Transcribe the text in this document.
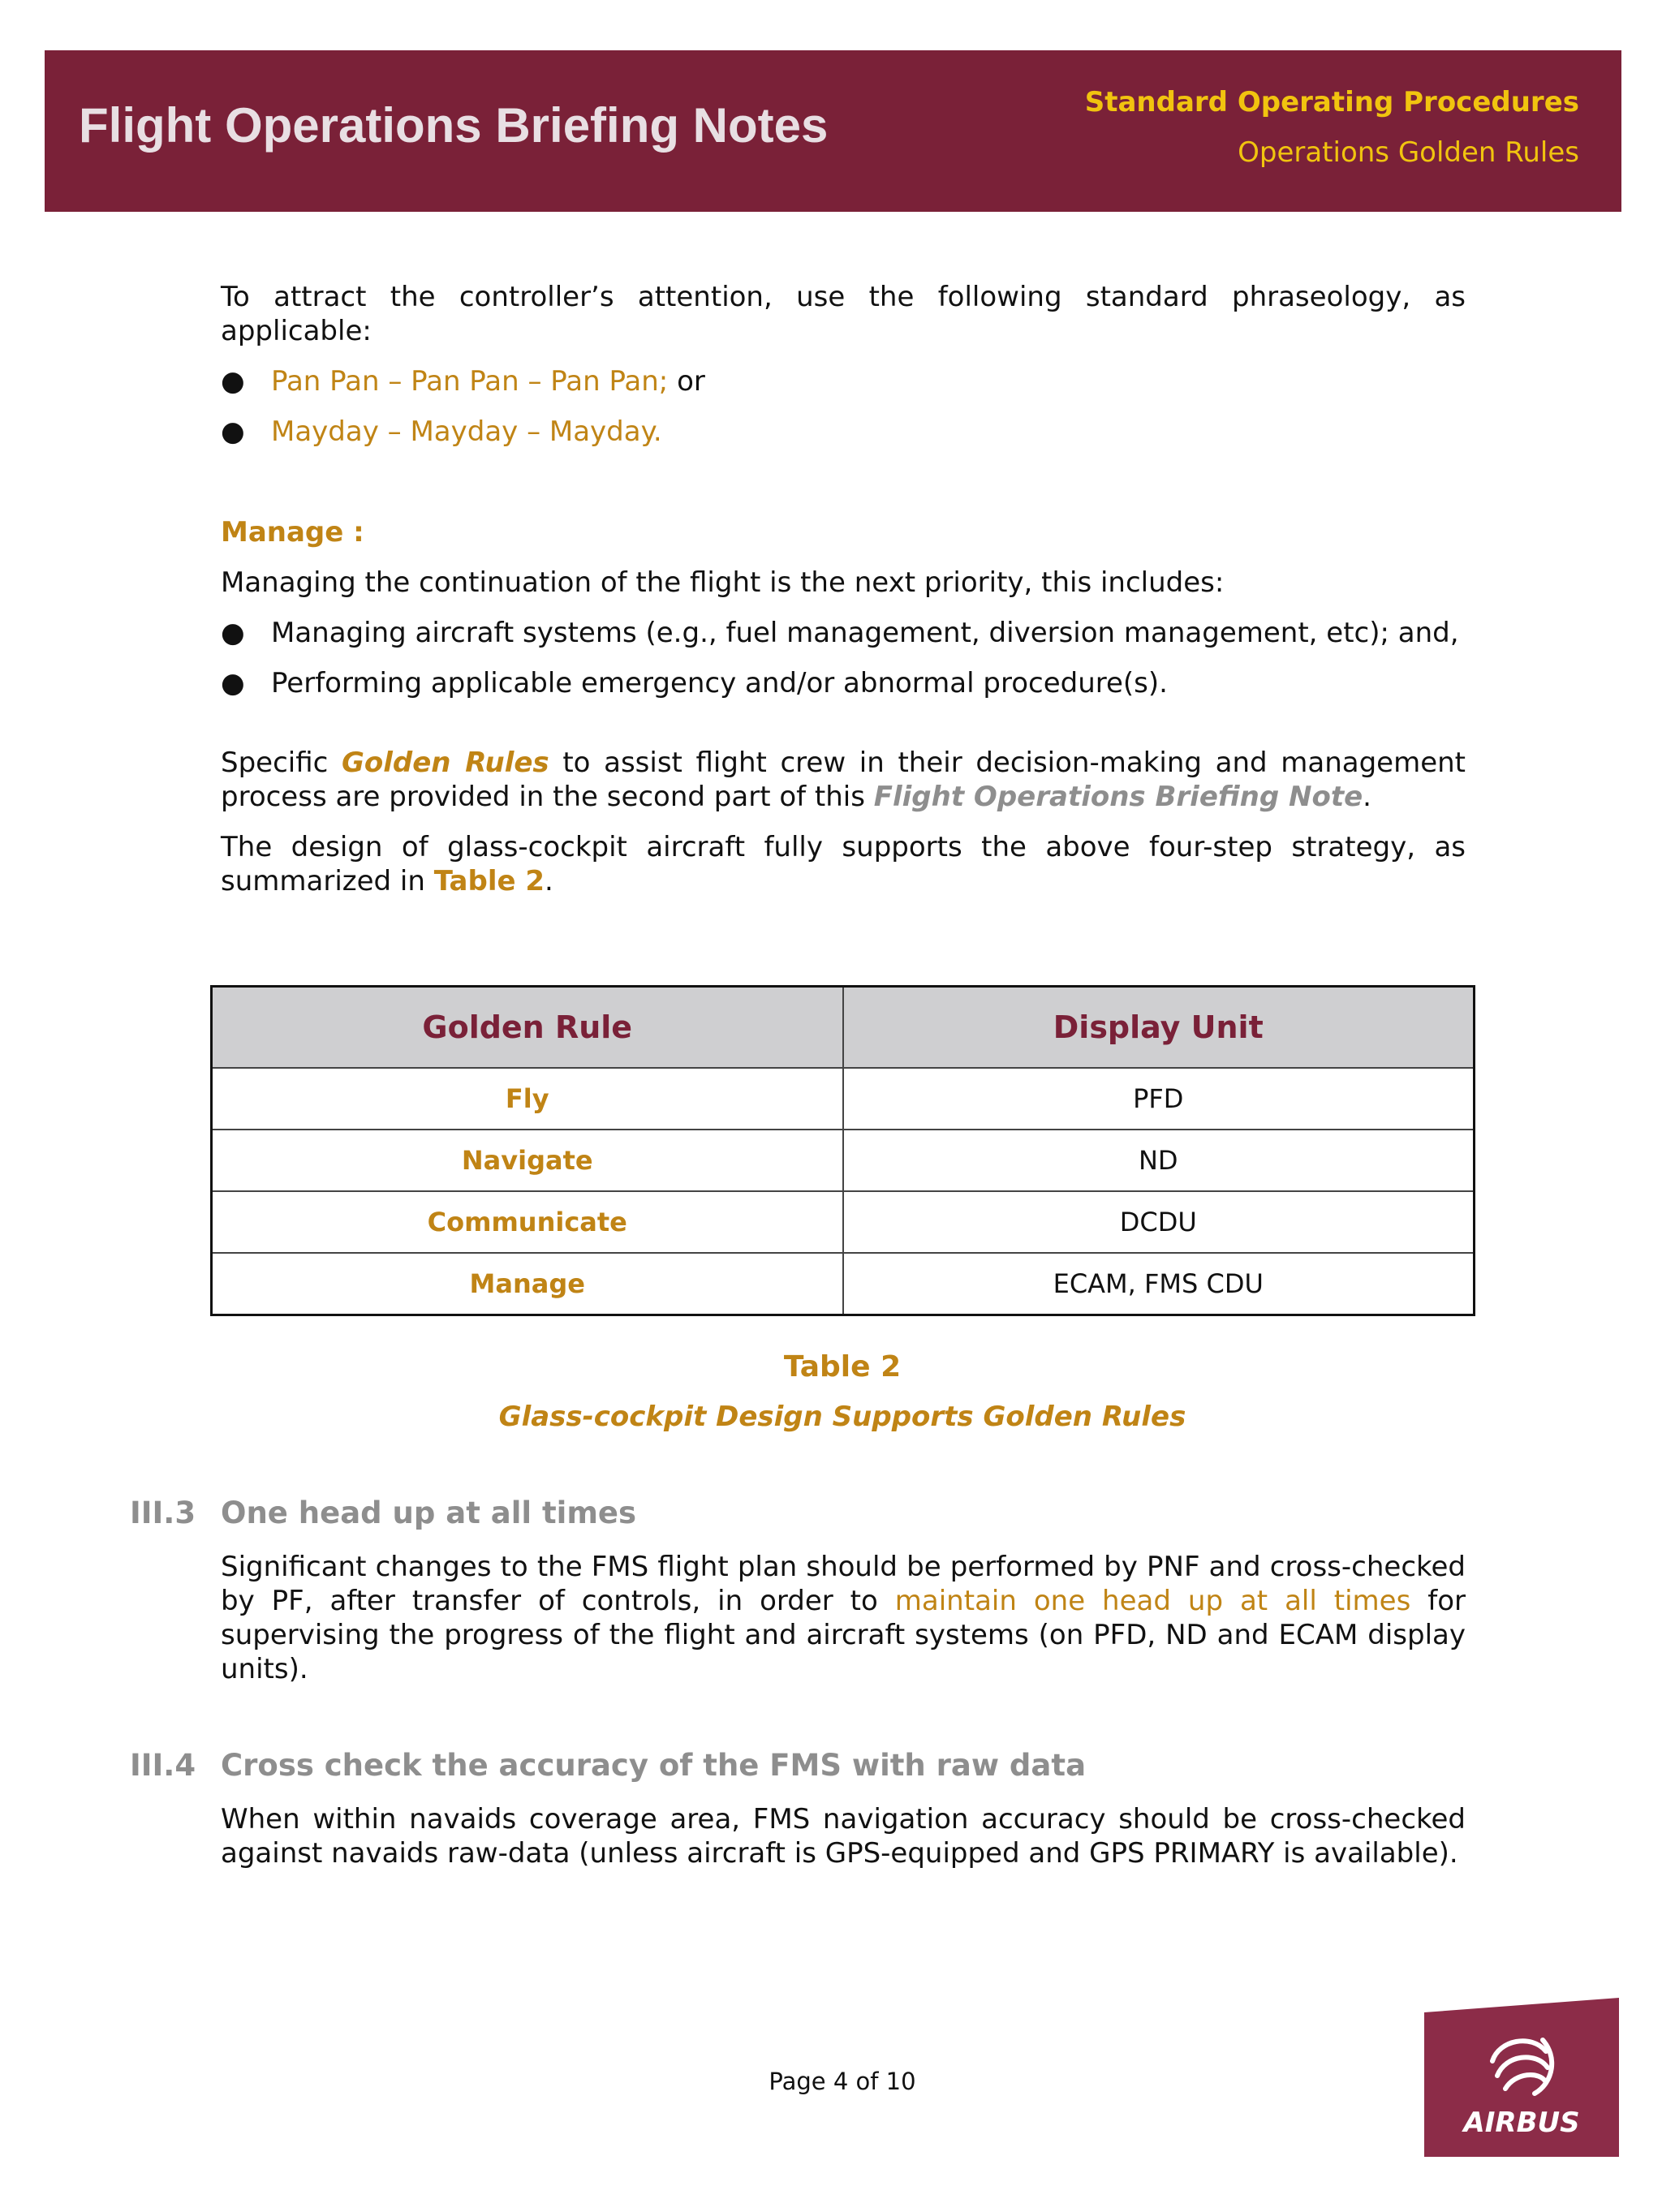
Flight Operations Briefing Notes	Standard Operating Procedures
Operations Golden Rules

To attract the controller’s attention, use the following standard phraseology, as applicable:

● Pan Pan – Pan Pan – Pan Pan; or
● Mayday – Mayday – Mayday.
Manage :

Managing the continuation of the flight is the next priority, this includes:

● Managing aircraft systems (e.g., fuel management, diversion management, etc); and,
● Performing applicable emergency and/or abnormal procedure(s).

Specific Golden Rules to assist flight crew in their decision-making and management process are provided in the second part of this Flight Operations Briefing Note.

The design of glass-cockpit aircraft fully supports the above four-step strategy, as summarized in Table 2.

Golden Rule	Display Unit
Fly	PFD
Navigate	ND
Communicate	DCDU
Manage	ECAM, FMS CDU
Table 2
Glass-cockpit Design Supports Golden Rules
III.3 One head up at all times
Significant changes to the FMS flight plan should be performed by PNF and cross-checked by PF, after transfer of controls, in order to maintain one head up at all times for supervising the progress of the flight and aircraft systems (on PFD, ND and ECAM display units).
III.4 Cross check the accuracy of the FMS with raw data
When within navaids coverage area, FMS navigation accuracy should be cross-checked against navaids raw-data (unless aircraft is GPS-equipped and GPS PRIMARY is available).
Page 4 of 10
AIRBUS
